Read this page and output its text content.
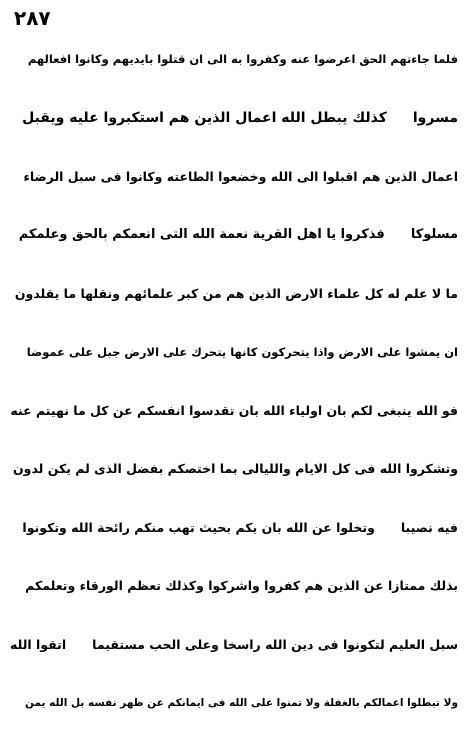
٢٨٧
فلما جاءتهم الحق اعرضوا عنه وكفروا به الى ان قتلوا بايديهم وكانوا افعالهم
مسروا
كذلك يبطل الله اعمال الذين هم استكبروا عليه ويقبل
اعمال الذين هم اقبلوا الى الله وخضعوا الطاعته وكانوا فى سبل الرضاء
مسلوكا
فذكروا يا اهل القرية نعمة الله التى انعمكم بالحق وعلمكم
ما لا علم له كل علماء الارض الذين هم من كبر علمائهم ونقلها ما يقلدون
ان يمشوا على الارض واذا يتحركون كانها يتحرك على الارض جبل على عموضا
فو الله ينبغى لكم بان اولياء الله بان تقدسوا انفسكم عن كل ما نهيتم عنه
وتشكروا الله فى كل الايام والليالى بما اختصكم بفضل الذى لم يكن لدون
فيه نصيبا
وتخلوا عن الله بان يكم بحيث تهب منكم رائحة الله وتكونوا
بذلك ممتازا عن الذين هم كفروا واشركوا وكذلك تعظم الورقاء وتعلمكم
سبل العليم لتكونوا فى دين الله راسخا وعلى الحب مستقيما
اتقوا الله
ولا تبطلوا اعمالكم بالغفلة ولا تمنوا على الله فى ايمانكم عن ظهر نفسه بل الله يمن
